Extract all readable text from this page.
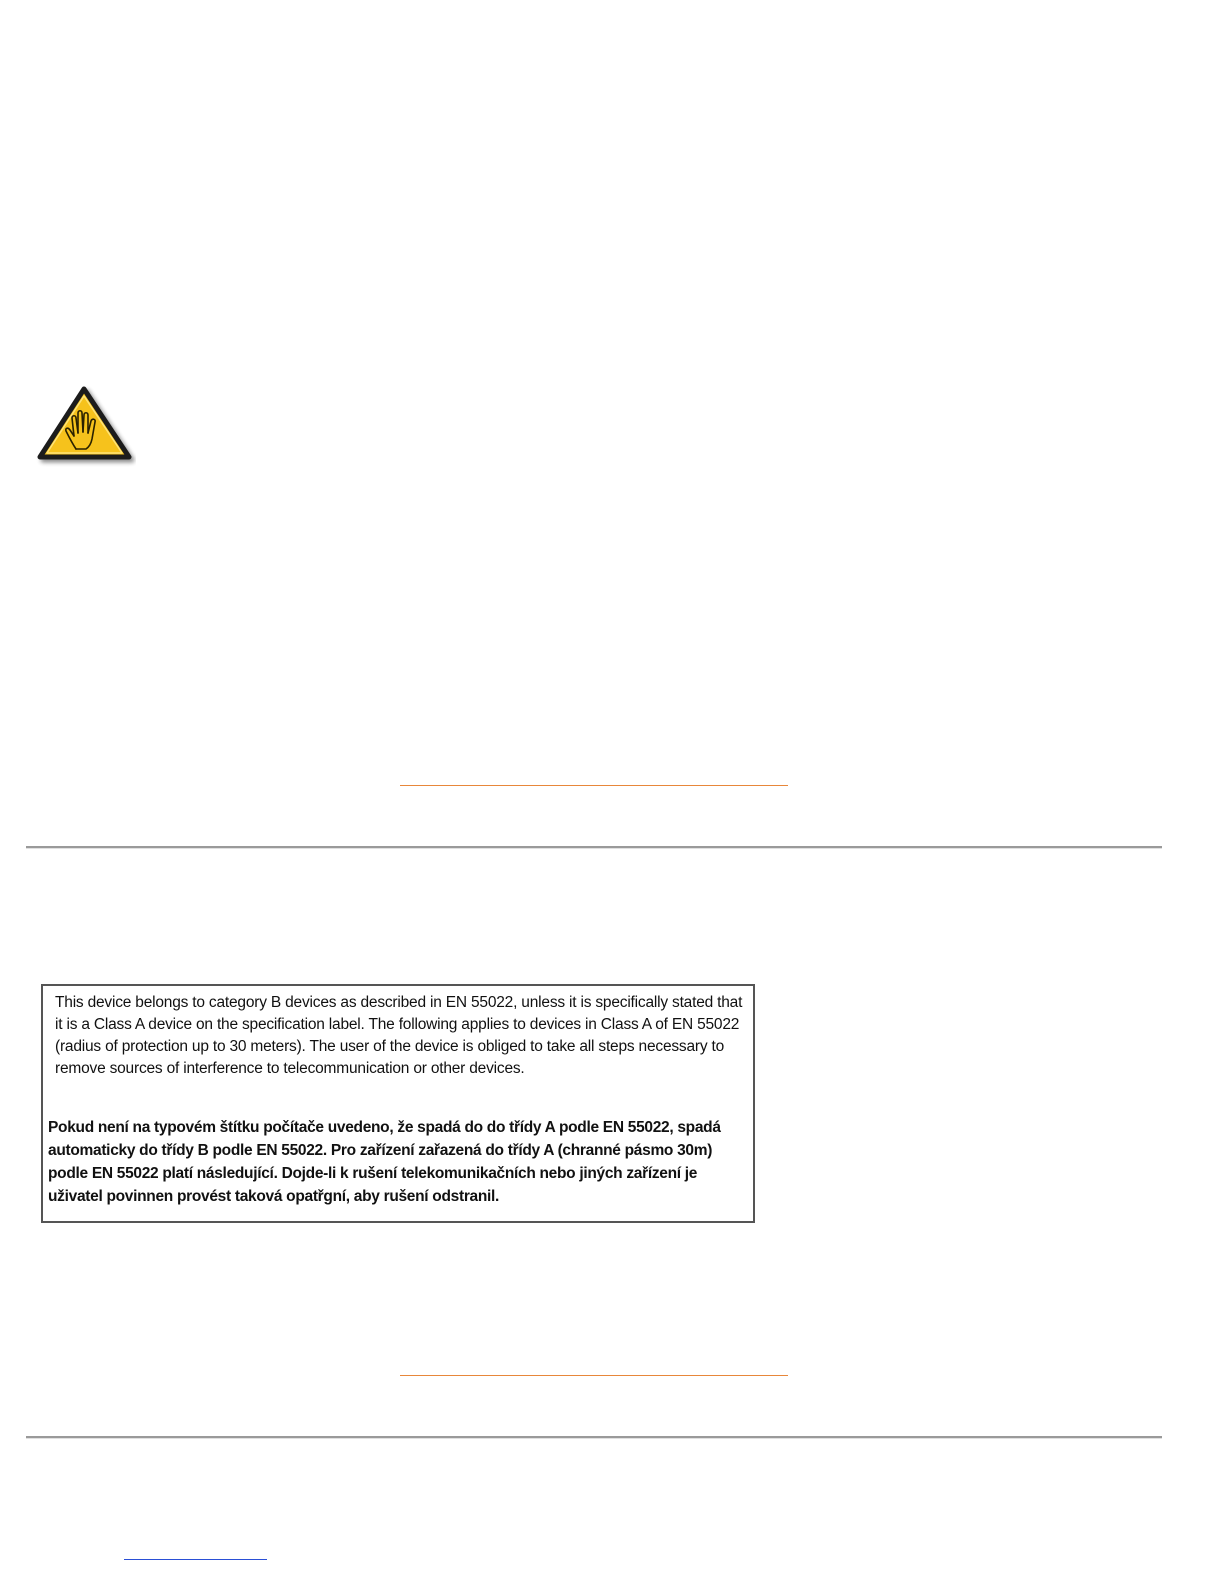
This device belongs to category B devices as described in EN 55022, unless it is specifically stated that it is a Class A device on the specification label. The following applies to devices in Class A of EN 55022 (radius of protection up to 30 meters). The user of the device is obliged to take all steps necessary to remove sources of interference to telecommunication or other devices.
Pokud není na typovém štítku počítače uvedeno, že spadá do do třídy A podle EN 55022, spadá automaticky do třídy B podle EN 55022. Pro zařízení zařazená do třídy A (chranné pásmo 30m) podle EN 55022 platí následující. Dojde-li k rušení telekomunikačních nebo jiných zařízení je uživatel povinnen provést taková opatřgní, aby rušení odstranil.
